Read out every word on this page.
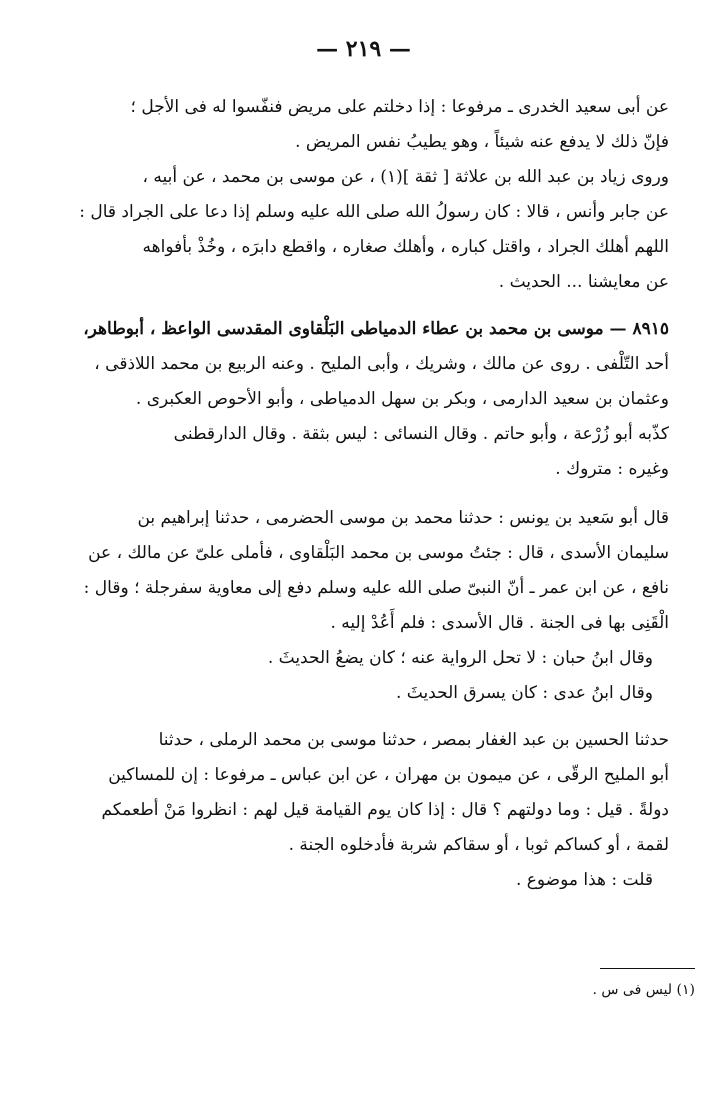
— ٢١٩ —
عن أبى سعيد الخدرى ـ مرفوعا : إذا دخلتم على مريض فنفّسوا له فى الأجل ؛
فإنّ ذلك لا يدفع عنه شيئاً ، وهو يطيبُ نفس المريض .
وروى زياد بن عبد الله بن علاثة [ ثقة ](١) ، عن موسى بن محمد ، عن أبيه ،
عن جابر وأنس ، قالا : كان رسولُ الله صلى الله عليه وسلم إذا دعا على الجراد قال :
اللهم أهلك الجراد ، واقتل كباره ، وأهلك صغاره ، واقطع دابرَه ، وخُذْ بأفواهه
عن معايشنا ... الحديث .
٨٩١٥ — موسى بن محمد بن عطاء الدمياطى البَلْقاوى المقدسى الواعظ ، أبوطاهر،
أحد التّلْفى . روى عن مالك ، وشريك ، وأبى المليح . وعنه الربيع بن محمد اللاذقى ،
وعثمان بن سعيد الدارمى ، وبكر بن سهل الدمياطى ، وأبو الأحوص العكبرى .
كذّبه أبو زُرْعة ، وأبو حاتم . وقال النسائى : ليس بثقة . وقال الدارقطنى
وغيره : متروك .
قال أبو سَعيد بن يونس : حدثنا محمد بن موسى الحضرمى ، حدثنا إبراهيم بن
سليمان الأسدى ، قال : جئتُ موسى بن محمد البَلْقاوى ، فأملى علىّ عن مالك ، عن
نافع ، عن ابن عمر ـ أنّ النبىّ صلى الله عليه وسلم دفع إلى معاوية سفرجلة ؛ وقال :
الْقَنِى بها فى الجنة . قال الأسدى : فلم أَعُدْ إليه .
وقال ابنُ حبان : لا تحل الرواية عنه ؛ كان يضعُ الحديثَ .
وقال ابنُ عدى : كان يسرق الحديثَ .
حدثنا الحسين بن عبد الغفار بمصر ، حدثنا موسى بن محمد الرملى ، حدثنا
أبو المليح الرقّى ، عن ميمون بن مهران ، عن ابن عباس ـ مرفوعا : إن للمساكين
دولةً . قيل : وما دولتهم ؟ قال : إذا كان يوم القيامة قيل لهم : انظروا مَنْ أطعمكم
لقمة ، أو كساكم ثوبا ، أو سقاكم شربة فأدخلوه الجنة .
قلت : هذا موضوع .
(١) ليس فى س .
